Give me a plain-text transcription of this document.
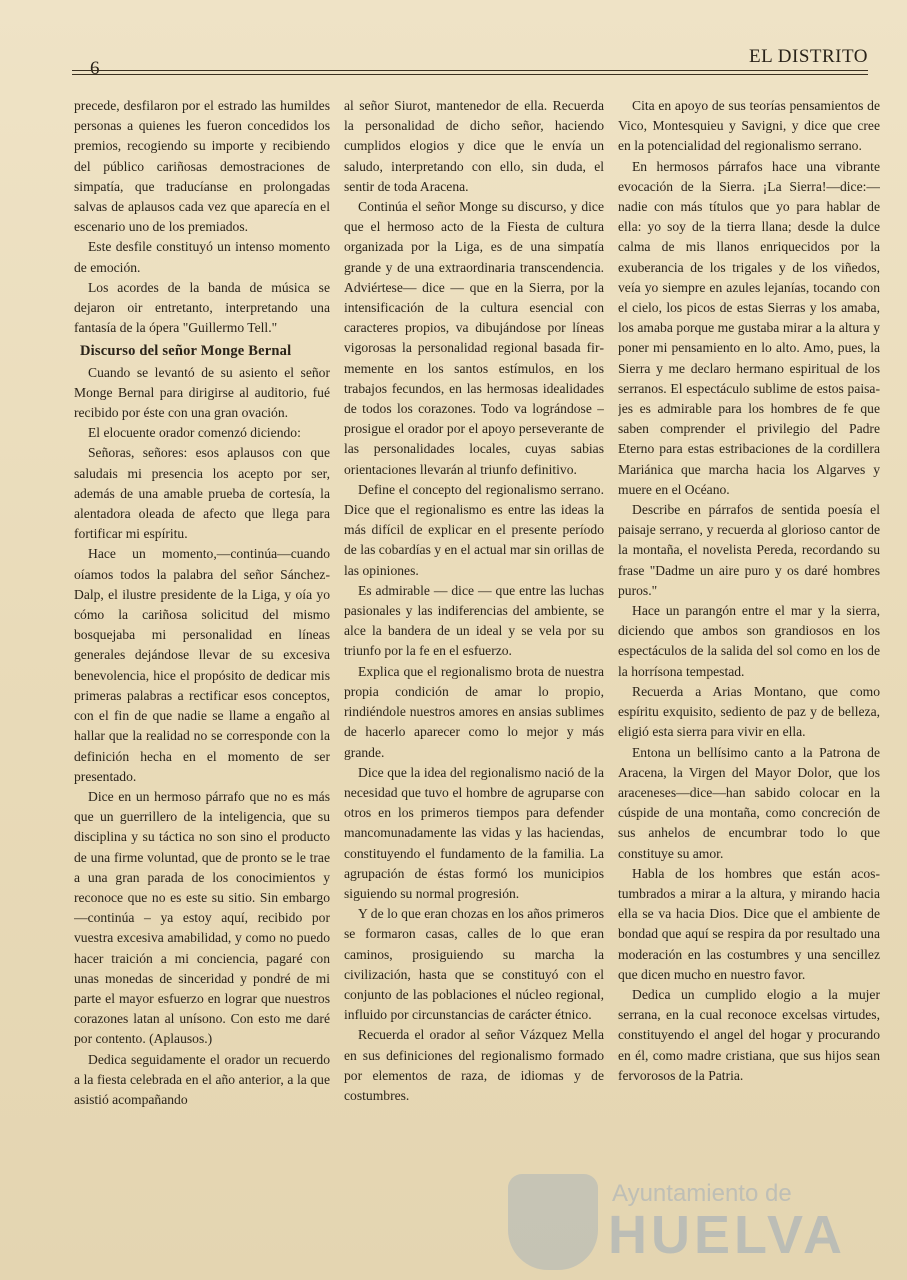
6
EL DISTRITO

precede, desfilaron por el estrado las humildes personas a quienes les fueron concedidos los premios, recogiendo su importe y recibiendo del público cariñosas demostraciones de simpatía, que traducíanse en prolongadas salvas de aplausos cada vez que aparecía en el escenario uno de los premiados.

Este desfile constituyó un intenso momento de emoción.

Los acordes de la banda de música se dejaron oir entretanto, interpretando una fantasía de la ópera "Guillermo Tell."

Discurso del señor Monge Bernal

Cuando se levantó de su asiento el señor Monge Bernal para dirigirse al auditorio, fué recibido por éste con una gran ovación.

El elocuente orador comenzó diciendo:

Señoras, señores: esos aplausos con que saludais mi presencia los acepto por ser, además de una amable prueba de cortesía, la alentadora oleada de afecto que llega para fortificar mi espíritu.

Hace un momento,—continúa—cuando oíamos todos la palabra del señor Sánchez-Dalp, el ilustre presidente de la Liga, y oía yo cómo la cariñosa solicitud del mismo bosquejaba mi personalidad en líneas generales dejándose llevar de su excesiva benevolencia, hice el propósito de dedicar mis primeras palabras a rectificar esos conceptos, con el fin de que nadie se llame a engaño al hallar que la realidad no se corresponde con la definición hecha en el momento de ser presentado.

Dice en un hermoso párrafo que no es más que un guerrillero de la inteligencia, que su disciplina y su táctica no son sino el producto de una firme voluntad, que de pronto se le trae a una gran parada de los conocimientos y reconoce que no es este su sitio. Sin embargo—continúa – ya estoy aquí, recibido por vuestra excesiva amabilidad, y como no puedo hacer traición a mi conciencia, pagaré con unas monedas de sinceridad y pondré de mi parte el mayor esfuerzo en lograr que nuestros corazones latan al unísono. Con esto me daré por contento. (Aplausos.)

Dedica seguidamente el orador un recuerdo a la fiesta celebrada en el año anterior, a la que asistió acompañando

al señor Siurot, mantenedor de ella. Recuerda la personalidad de dicho señor, haciendo cumplidos elogios y dice que le envía un saludo, interpretando con ello, sin duda, el sentir de toda Aracena.

Continúa el señor Monge su discurso, y dice que el hermoso acto de la Fiesta de cultura organizada por la Liga, es de una simpatía grande y de una extraordinaria transcendencia. Adviértese— dice — que en la Sierra, por la intensificación de la cultura esencial con caracteres propios, va dibujándose por líneas vigorosas la personalidad regional basada firmemente en los santos estímulos, en los trabajos fecundos, en las hermosas idealidades de todos los corazones. Todo va lográndose – prosigue el orador por el apoyo perseverante de las personalidades locales, cuyas sabias orientaciones llevarán al triunfo definitivo.

Define el concepto del regionalismo serrano. Dice que el regionalismo es entre las ideas la más difícil de explicar en el presente período de las cobardías y en el actual mar sin orillas de las opiniones.

Es admirable — dice — que entre las luchas pasionales y las indiferencias del ambiente, se alce la bandera de un ideal y se vela por su triunfo por la fe en el esfuerzo.

Explica que el regionalismo brota de nuestra propia condición de amar lo propio, rindiéndole nuestros amores en ansias sublimes de hacerlo aparecer como lo mejor y más grande.

Dice que la idea del regionalismo nació de la necesidad que tuvo el hombre de agruparse con otros en los primeros tiempos para defender mancomunadamente las vidas y las haciendas, constituyendo el fundamento de la familia. La agrupación de éstas formó los municipios siguiendo su normal progresión.

Y de lo que eran chozas en los años primeros se formaron casas, calles de lo que eran caminos, prosiguiendo su marcha la civilización, hasta que se constituyó con el conjunto de las poblaciones el núcleo regional, influido por circunstancias de carácter étnico.

Recuerda el orador al señor Vázquez Mella en sus definiciones del regionalismo formado por elementos de raza, de idiomas y de costumbres.

Cita en apoyo de sus teorías pensamientos de Vico, Montesquieu y Savigni, y dice que cree en la potencialidad del regionalismo serrano.

En hermosos párrafos hace una vibrante evocación de la Sierra. ¡La Sierra!—dice:—nadie con más títulos que yo para hablar de ella: yo soy de la tierra llana; desde la dulce calma de mis llanos enriquecidos por la exuberancia de los trigales y de los viñedos, veía yo siempre en azules lejanías, tocando con el cielo, los picos de estas Sierras y los amaba, los amaba porque me gustaba mirar a la altura y poner mi pensamiento en lo alto. Amo, pues, la Sierra y me declaro hermano espiritual de los serranos. El espectáculo sublime de estos paisajes es admirable para los hombres de fe que saben comprender el privilegio del Padre Eterno para estas estribaciones de la cordillera Mariánica que marcha hacia los Algarves y muere en el Océano.

Describe en párrafos de sentida poesía el paisaje serrano, y recuerda al glorioso cantor de la montaña, el novelista Pereda, recordando su frase "Dadme un aire puro y os daré hombres puros."

Hace un parangón entre el mar y la sierra, diciendo que ambos son grandiosos en los espectáculos de la salida del sol como en los de la horrísona tempestad.

Recuerda a Arias Montano, que como espíritu exquisito, sediento de paz y de belleza, eligió esta sierra para vivir en ella.

Entona un bellísimo canto a la Patrona de Aracena, la Virgen del Mayor Dolor, que los araceneses—dice—han sabido colocar en la cúspide de una montaña, como concreción de sus anhelos de encumbrar todo lo que constituye su amor.

Habla de los hombres que están acostumbrados a mirar a la altura, y mirando hacia ella se va hacia Dios. Dice que el ambiente de bondad que aquí se respira da por resultado una moderación en las costumbres y una sencillez que dicen mucho en nuestro favor.

Dedica un cumplido elogio a la mujer serrana, en la cual reconoce excelsas virtudes, constituyendo el angel del hogar y procurando en él, como madre cristiana, que sus hijos sean fervorosos de la Patria.

Ayuntamiento de
HUELVA
